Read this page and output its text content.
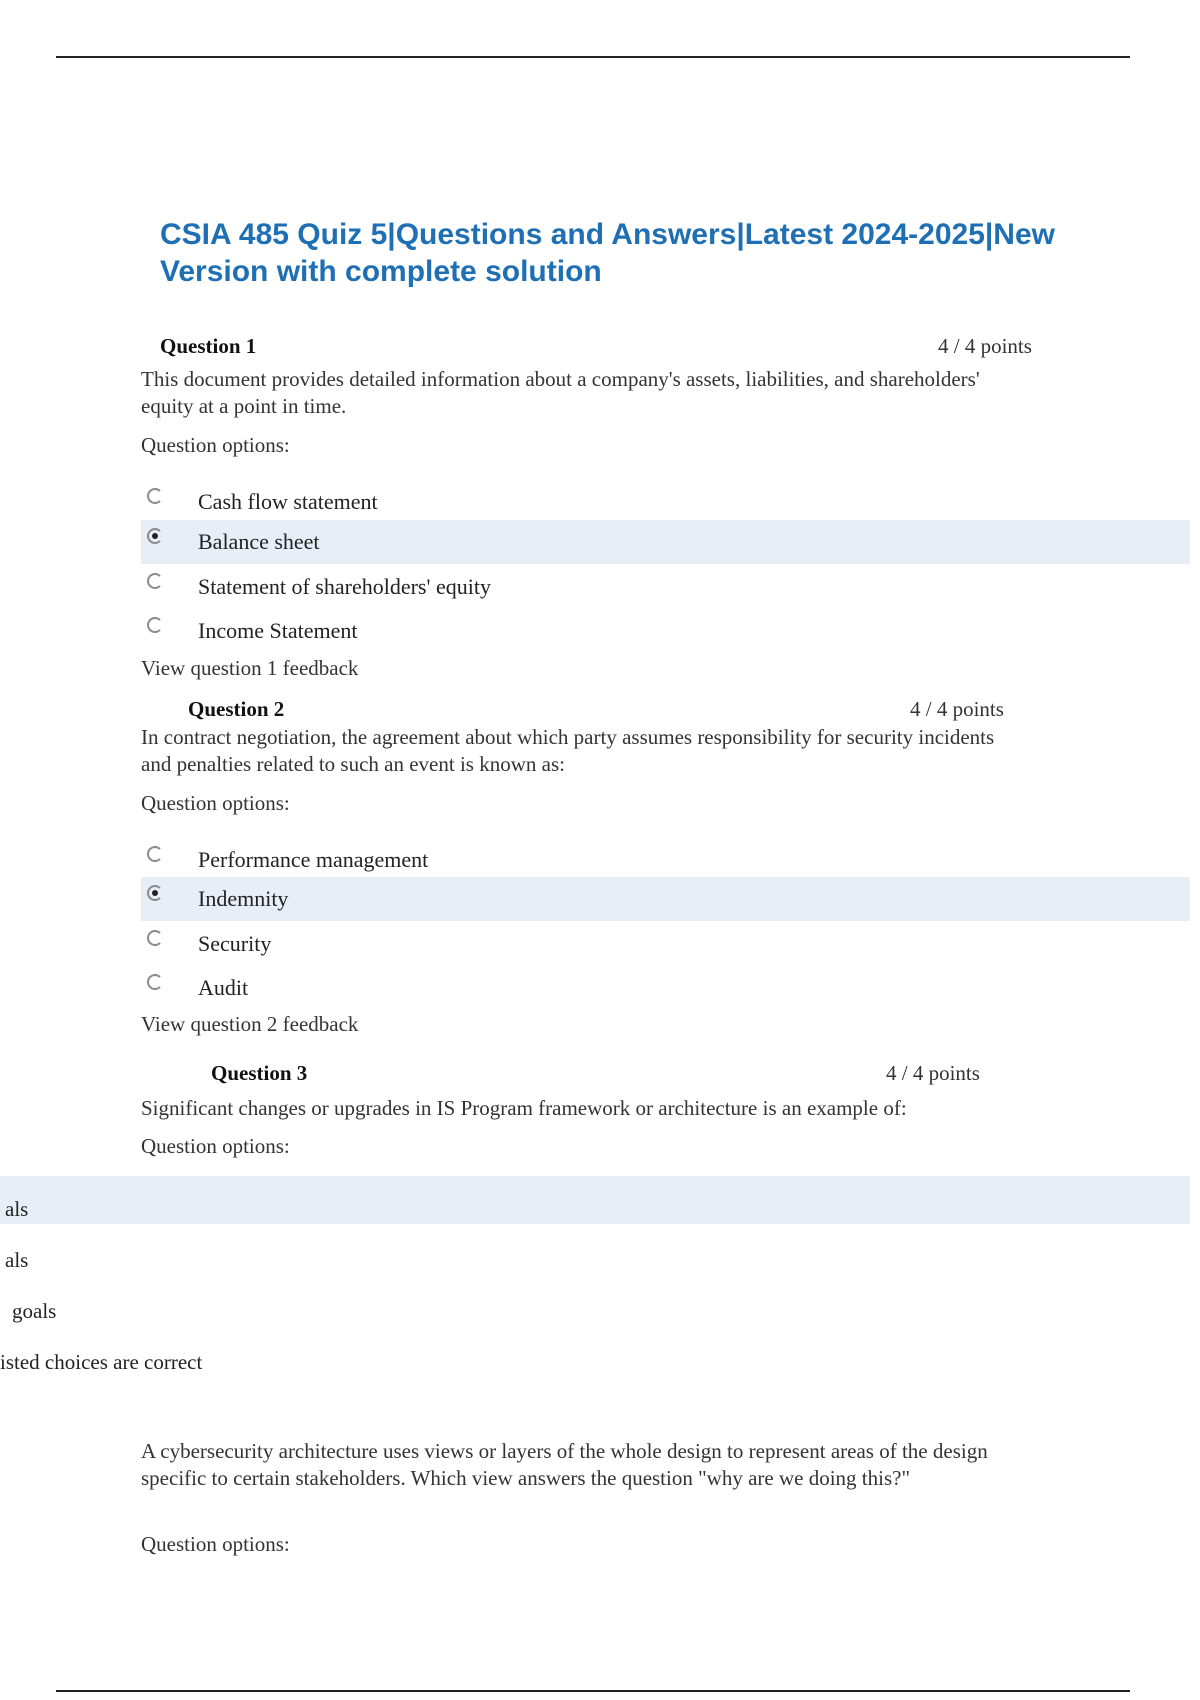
CSIA 485 Quiz 5|Questions and Answers|Latest 2024-2025|New Version with complete solution
Question 1	4 / 4 points

This document provides detailed information about a company's assets, liabilities, and shareholders' equity at a point in time.

Question options:
Cash flow statement
Balance sheet
Statement of shareholders' equity
Income Statement
View question 1 feedback
Question 2	4 / 4 points

In contract negotiation, the agreement about which party assumes responsibility for security incidents and penalties related to such an event is known as:

Question options:
Performance management
Indemnity
Security
Audit
View question 2 feedback
Question 3	4 / 4 points

Significant changes or upgrades in IS Program framework or architecture is an example of:

Question options:
als
als
goals
isted choices are correct

A cybersecurity architecture uses views or layers of the whole design to represent areas of the design specific to certain stakeholders. Which view answers the question "why are we doing this?"

Question options:
